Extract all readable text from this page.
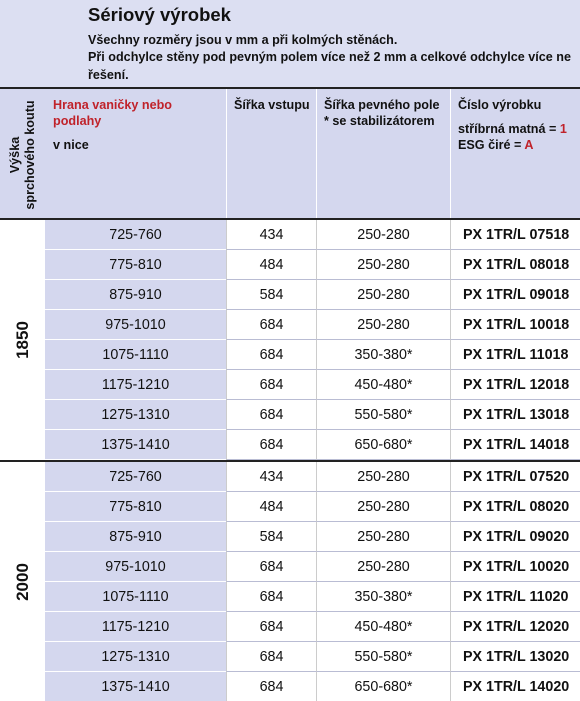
Sériový výrobek
Všechny rozměry jsou v mm a při kolmých stěnách.
Při odchylce stěny pod pevným polem více než 2 mm a celkové odchylce více ne
řešení.
Výška sprchového koutu Hrana vaničky nebo
podlahy
v nice
Šířka vstupu Šířka pevného pole
* se stabilizátorem
Číslo výrobku
stříbrná matná = 1
ESG čiré = A
1850
725-760	434	250-280	PX 1TR/L 07518
775-810	484	250-280	PX 1TR/L 08018
875-910	584	250-280	PX 1TR/L 09018
975-1010	684	250-280	PX 1TR/L 10018
1075-1110	684	350-380*	PX 1TR/L 11018
1175-1210	684	450-480*	PX 1TR/L 12018
1275-1310	684	550-580*	PX 1TR/L 13018
1375-1410	684	650-680*	PX 1TR/L 14018
2000
725-760	434	250-280	PX 1TR/L 07520
775-810	484	250-280	PX 1TR/L 08020
875-910	584	250-280	PX 1TR/L 09020
975-1010	684	250-280	PX 1TR/L 10020
1075-1110	684	350-380*	PX 1TR/L 11020
1175-1210	684	450-480*	PX 1TR/L 12020
1275-1310	684	550-580*	PX 1TR/L 13020
1375-1410	684	650-680*	PX 1TR/L 14020
